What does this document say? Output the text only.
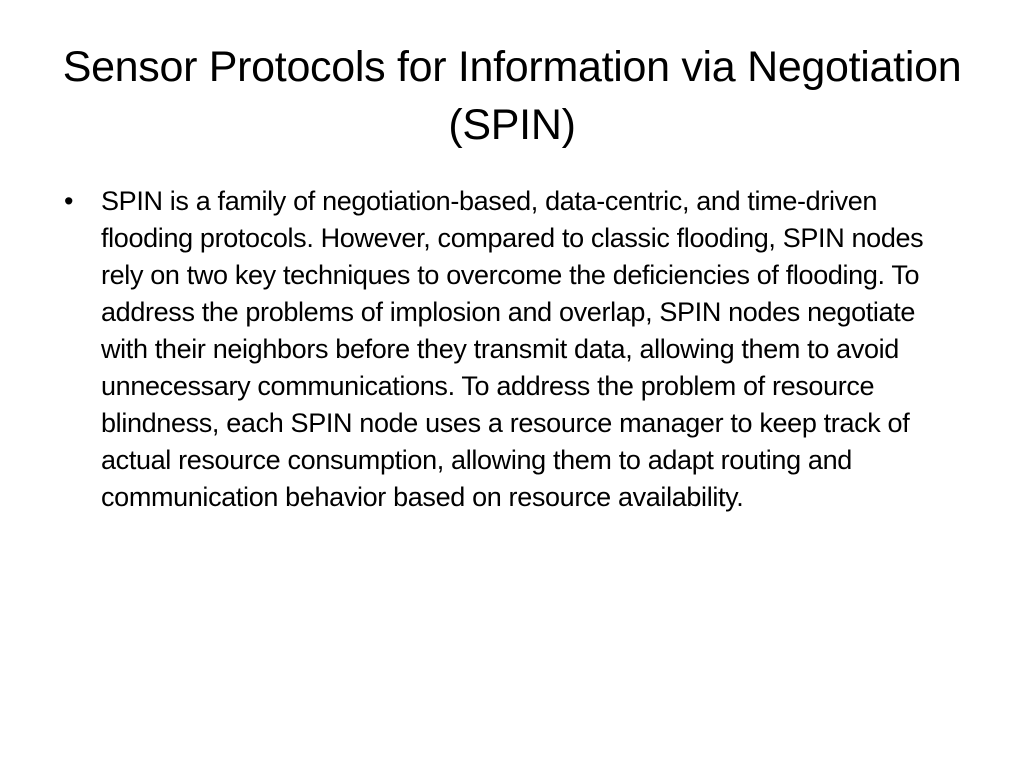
Sensor Protocols for Information via Negotiation (SPIN)
• SPIN is a family of negotiation-based, data-centric, and time-driven flooding protocols. However, compared to classic flooding, SPIN nodes rely on two key techniques to overcome the deficiencies of flooding. To address the problems of implosion and overlap, SPIN nodes negotiate with their neighbors before they transmit data, allowing them to avoid unnecessary communications. To address the problem of resource blindness, each SPIN node uses a resource manager to keep track of actual resource consumption, allowing them to adapt routing and communication behavior based on resource availability.
